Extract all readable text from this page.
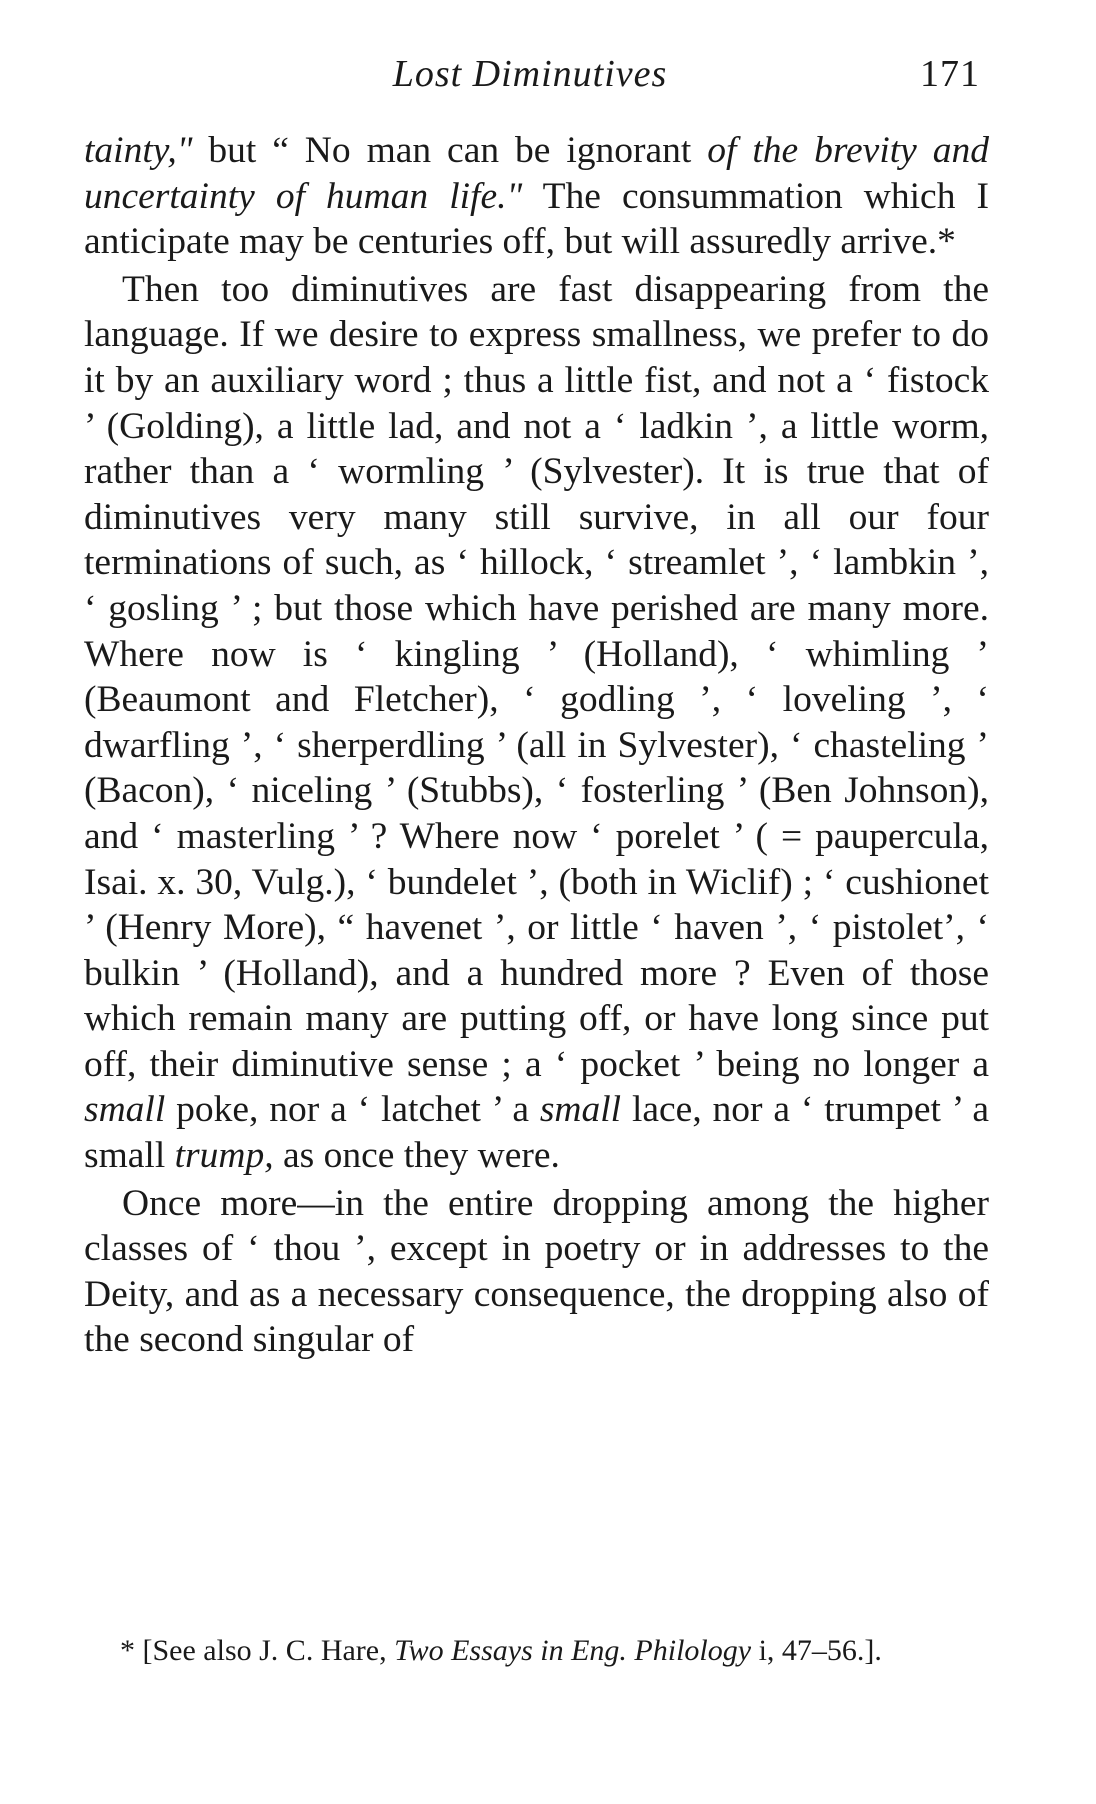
Lost Diminutives	171

tainty," but “ No man can be ignorant of the brevity and uncertainty of human life." The consummation which I anticipate may be centuries off, but will assuredly arrive.*

Then too diminutives are fast disappearing from the language. If we desire to express smallness, we prefer to do it by an auxiliary word ; thus a little fist, and not a ‘ fistock ’ (Golding), a little lad, and not a ‘ ladkin ’, a little worm, rather than a ‘ wormling ’ (Sylvester). It is true that of diminutives very many still survive, in all our four terminations of such, as ‘ hillock, ‘ streamlet ’, ‘ lambkin ’, ‘ gosling ’ ; but those which have perished are many more. Where now is ‘ kingling ’ (Holland), ‘ whimling ’ (Beaumont and Fletcher), ‘ godling ’, ‘ loveling ’, ‘ dwarfling ’, ‘ sherperdling ’ (all in Sylvester), ‘ chasteling ’ (Bacon), ‘ niceling ’ (Stubbs), ‘ fosterling ’ (Ben Johnson), and ‘ masterling ’ ? Where now ‘ porelet ’ ( = paupercula, Isai. x. 30, Vulg.), ‘ bundelet ’, (both in Wiclif) ; ‘ cushionet ’ (Henry More), “ havenet ’, or little ‘ haven ’, ‘ pistolet’, ‘ bulkin ’ (Holland), and a hundred more ? Even of those which remain many are putting off, or have long since put off, their diminutive sense ; a ‘ pocket ’ being no longer a small poke, nor a ‘ latchet ’ a small lace, nor a ‘ trumpet ’ a small trump, as once they were.

Once more—in the entire dropping among the higher classes of ‘ thou ’, except in poetry or in addresses to the Deity, and as a necessary consequence, the dropping also of the second singular of

* [See also J. C. Hare, Two Essays in Eng. Philology i, 47–56.].
